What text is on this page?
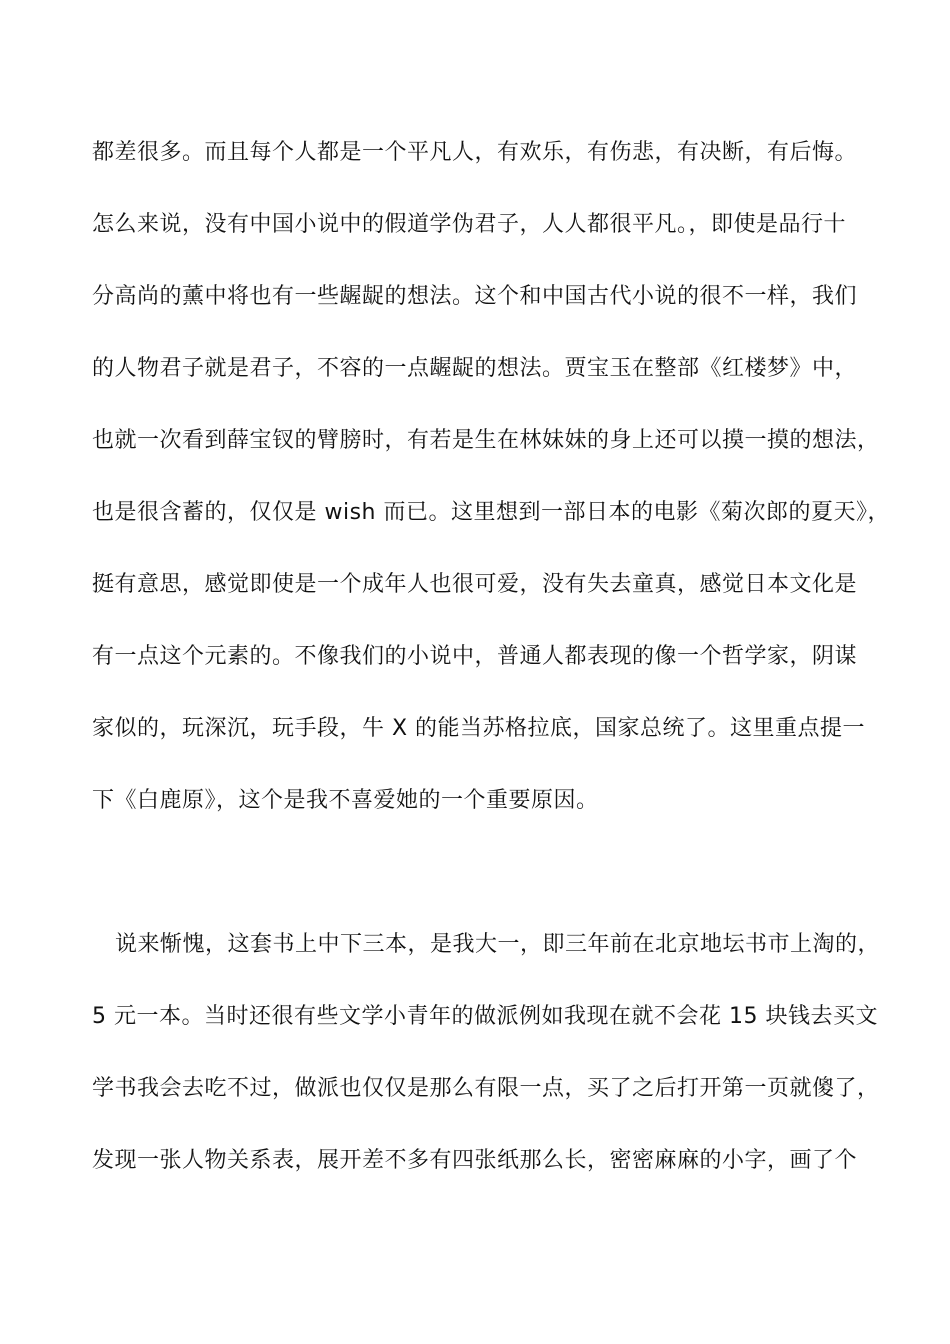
都差很多。而且每个人都是一个平凡人，有欢乐，有伤悲，有决断，有后悔。
怎么来说，没有中国小说中的假道学伪君子，人人都很平凡。，即使是品行十
分高尚的薰中将也有一些龌龊的想法。这个和中国古代小说的很不一样，我们
的人物君子就是君子，不容的一点龌龊的想法。贾宝玉在整部《红楼梦》中，
也就一次看到薛宝钗的臂膀时，有若是生在林妹妹的身上还可以摸一摸的想法，
也是很含蓄的，仅仅是 wish 而已。这里想到一部日本的电影《菊次郎的夏天》，
挺有意思，感觉即使是一个成年人也很可爱，没有失去童真，感觉日本文化是
有一点这个元素的。不像我们的小说中，普通人都表现的像一个哲学家，阴谋
家似的，玩深沉，玩手段，牛 X 的能当苏格拉底，国家总统了。这里重点提一
下《白鹿原》，这个是我不喜爱她的一个重要原因。
说来惭愧，这套书上中下三本，是我大一，即三年前在北京地坛书市上淘的，
5 元一本。当时还很有些文学小青年的做派例如我现在就不会花 15 块钱去买文
学书我会去吃不过，做派也仅仅是那么有限一点，买了之后打开第一页就傻了，
发现一张人物关系表，展开差不多有四张纸那么长，密密麻麻的小字，画了个
